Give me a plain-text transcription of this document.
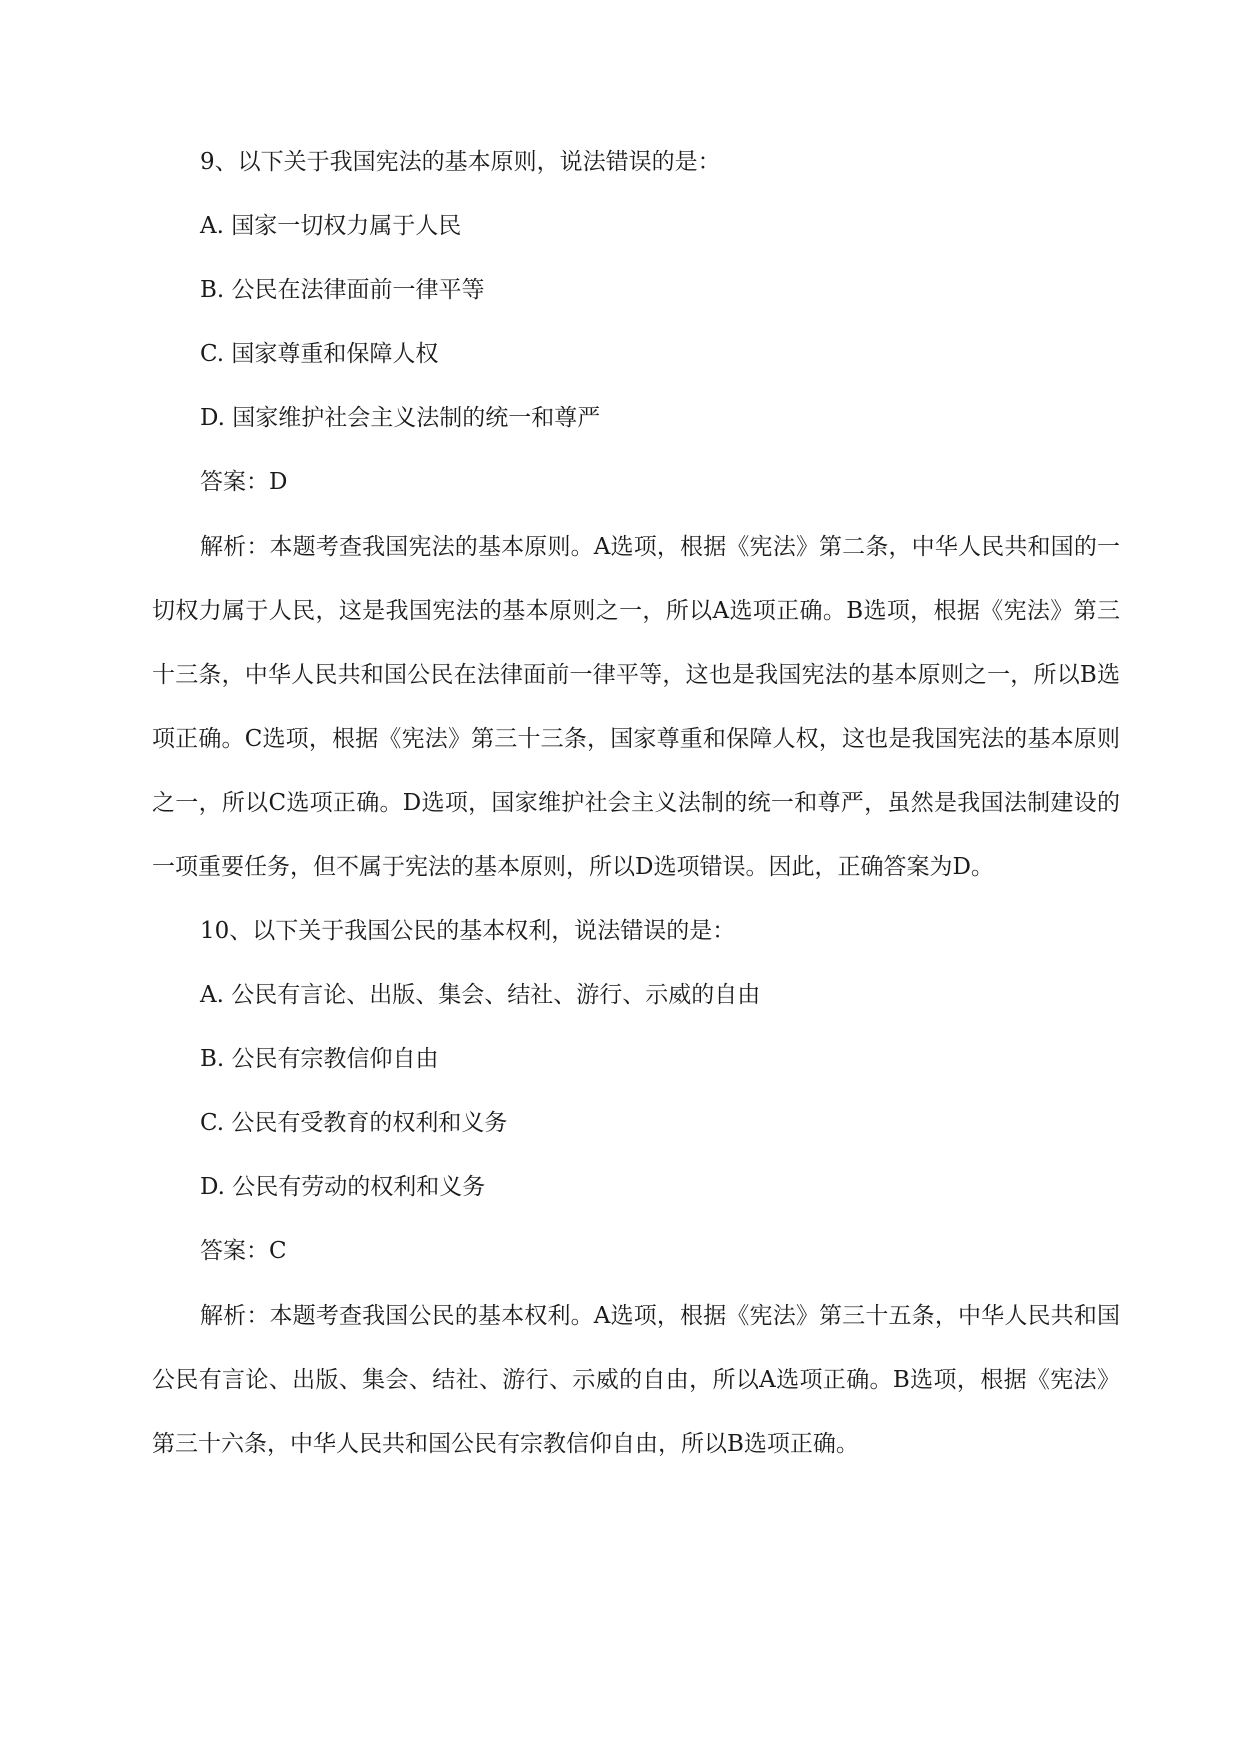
9、以下关于我国宪法的基本原则，说法错误的是：
A. 国家一切权力属于人民
B. 公民在法律面前一律平等
C. 国家尊重和保障人权
D. 国家维护社会主义法制的统一和尊严
答案：D
解析：本题考查我国宪法的基本原则。A选项，根据《宪法》第二条，中华人民共和国的一切权力属于人民，这是我国宪法的基本原则之一，所以A选项正确。B选项，根据《宪法》第三十三条，中华人民共和国公民在法律面前一律平等，这也是我国宪法的基本原则之一，所以B选项正确。C选项，根据《宪法》第三十三条，国家尊重和保障人权，这也是我国宪法的基本原则之一，所以C选项正确。D选项，国家维护社会主义法制的统一和尊严，虽然是我国法制建设的一项重要任务，但不属于宪法的基本原则，所以D选项错误。因此，正确答案为D。
10、以下关于我国公民的基本权利，说法错误的是：
A. 公民有言论、出版、集会、结社、游行、示威的自由
B. 公民有宗教信仰自由
C. 公民有受教育的权利和义务
D. 公民有劳动的权利和义务
答案：C
解析：本题考查我国公民的基本权利。A选项，根据《宪法》第三十五条，中华人民共和国公民有言论、出版、集会、结社、游行、示威的自由，所以A选项正确。B选项，根据《宪法》第三十六条，中华人民共和国公民有宗教信仰自由，所以B选项正确。
